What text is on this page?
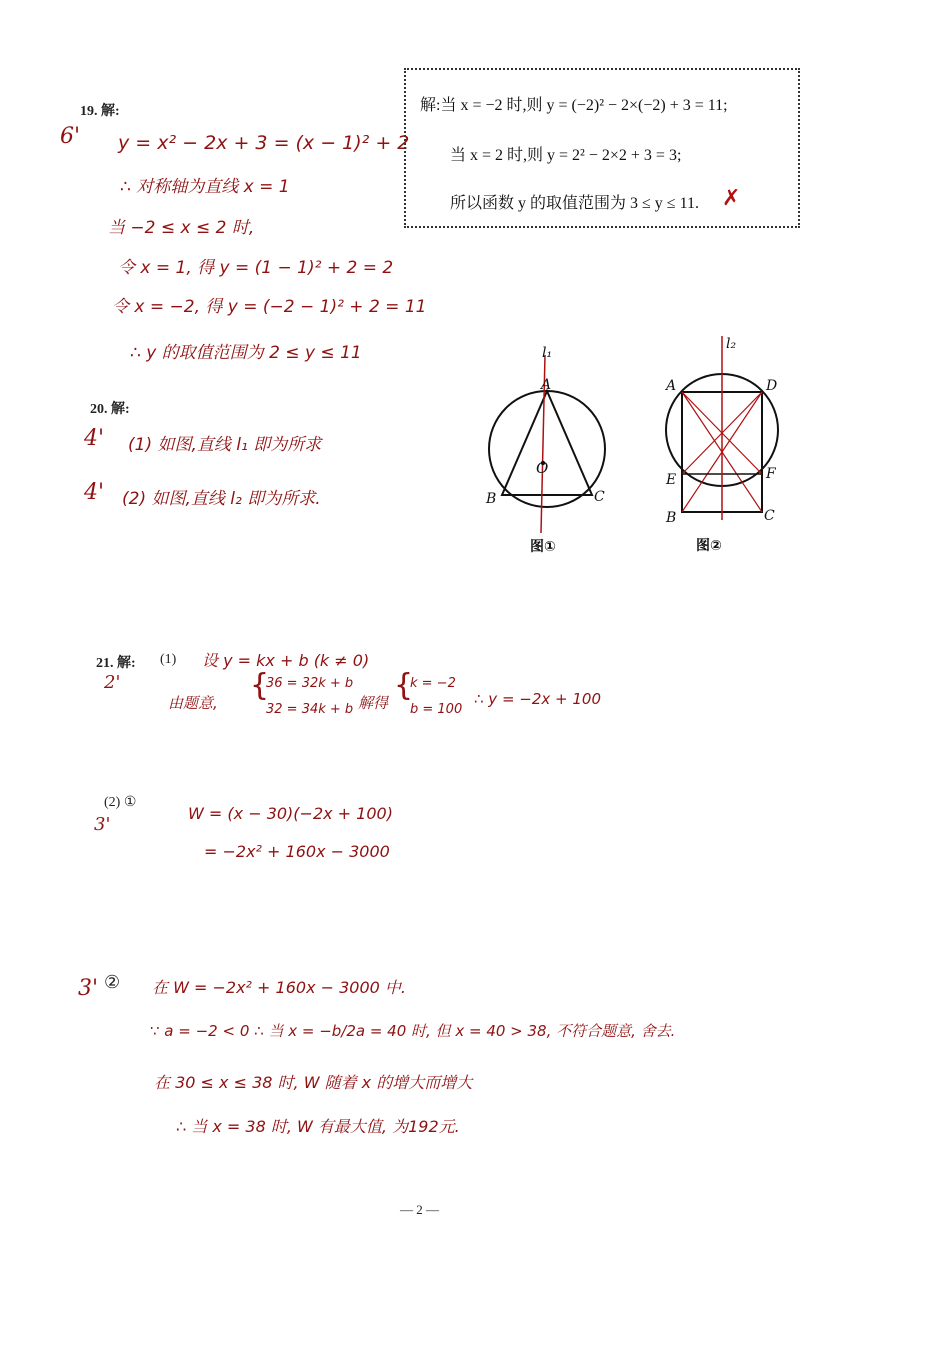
19. 解:
6' y = x² − 2x + 3 = (x − 1)² + 2
∴ 对称轴为直线 x = 1
当 −2 ≤ x ≤ 2 时,
令 x = 1, 得 y = (1 − 1)² + 2 = 2
令 x = −2, 得 y = (−2 − 1)² + 2 = 11
∴ y 的取值范围为 2 ≤ y ≤ 11
解:当 x = −2 时,则 y = (−2)² − 2×(−2) + 3 = 11;
当 x = 2 时,则 y = 2² − 2×2 + 3 = 3;
所以函数 y 的取值范围为 3 ≤ y ≤ 11. ✗
20. 解:
4' (1) 如图,直线 l₁ 即为所求
4' (2) 如图,直线 l₂ 即为所求.
l₁
A
B	C
O
图①
l₂
A	D
E	F
B	C
图②
21. 解: (1) 设 y = kx + b (k ≠ 0)
2'
由题意, {
36 = 32k + b
32 = 34k + b 解得 {
k = −2
b = 100
∴ y = −2x + 100
(2) ①
3'
W = (x − 30)(−2x + 100)
= −2x² + 160x − 3000
3' ② 在 W = −2x² + 160x − 3000 中.
∵ a = −2 < 0 ∴ 当 x = −b/2a = 40 时, 但 x = 40 > 38, 不符合题意, 舍去.
在 30 ≤ x ≤ 38 时, W 随着 x 的增大而增大
∴ 当 x = 38 时, W 有最大值, 为192元.
— 2 —
